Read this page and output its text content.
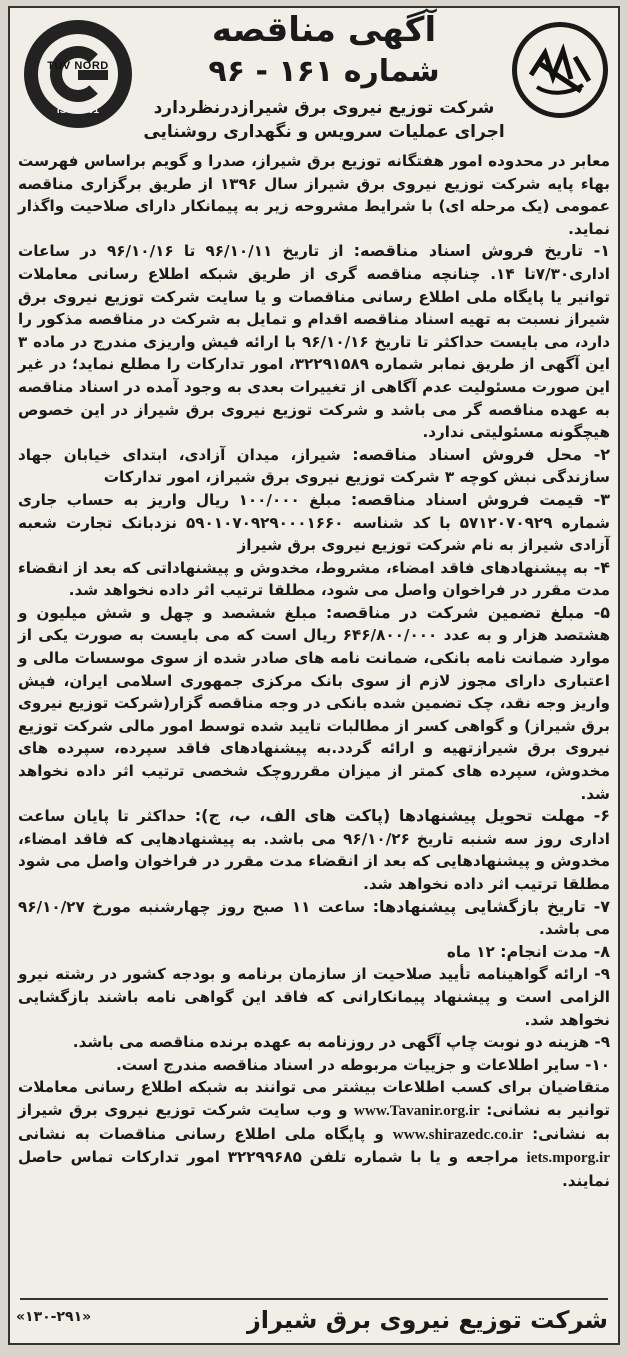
TÜV NORD
ISO 9001
آگهی مناقصه
شماره ۱۶۱ - ۹۶
شرکت توزیع نیروی برق شیرازدرنظردارد
اجرای عملیات سرویس و نگهداری روشنایی

معابر در محدوده امور هفتگانه توزیع برق شیراز، صدرا و گویم براساس فهرست بهاء پایه شرکت توزیع نیروی برق شیراز سال ۱۳۹۶ از طریق برگزاری مناقصه عمومی (یک مرحله ای) با شرایط مشروحه زیر به پیمانکار دارای صلاحیت واگذار نماید.

۱- تاریخ فروش اسناد مناقصه: از تاریخ ۹۶/۱۰/۱۱ تا ۹۶/۱۰/۱۶ در ساعات اداری۷/۳۰تا ۱۴. چنانچه مناقصه گری از طریق شبکه اطلاع رسانی معاملات توانیر یا پایگاه ملی اطلاع رسانی مناقصات و یا سایت شرکت توزیع نیروی برق شیراز نسبت به تهیه اسناد مناقصه اقدام و تمایل به شرکت در مناقصه مذکور را دارد، می بایست حداکثر تا تاریخ ۹۶/۱۰/۱۶ با ارائه فیش واریزی مندرج در ماده ۳ این آگهی از طریق نمابر شماره ۳۲۲۹۱۵۸۹، امور تدارکات را مطلع نماید؛ در غیر این صورت مسئولیت عدم آگاهی از تغییرات بعدی به وجود آمده در اسناد مناقصه به عهده مناقصه گر می باشد و شرکت توزیع نیروی برق شیراز در این خصوص هیچگونه مسئولیتی ندارد.

۲- محل فروش اسناد مناقصه: شیراز، میدان آزادی، ابتدای خیابان جهاد سازندگی نبش کوچه ۳ شرکت توزیع نیروی برق شیراز، امور تدارکات

۳- قیمت فروش اسناد مناقصه: مبلغ ۱۰۰/۰۰۰ ریال واریز به حساب جاری شماره ۵۷۱۲۰۷۰۹۲۹ با کد شناسه ۵۹۰۱۰۷۰۹۲۹۰۰۰۱۶۶۰ نزدبانک تجارت شعبه آزادی شیراز به نام شرکت توزیع نیروی برق شیراز

۴- به پیشنهادهای فاقد امضاء، مشروط، مخدوش و پیشنهاداتی که بعد از انقضاء مدت مقرر در فراخوان واصل می شود، مطلقا ترتیب اثر داده نخواهد شد.

۵- مبلغ تضمین شرکت در مناقصه: مبلغ ششصد و چهل و شش میلیون و هشتصد هزار و به عدد ۶۴۶/۸۰۰/۰۰۰ ریال است که می بایست به صورت یکی از موارد ضمانت نامه بانکی، ضمانت نامه های صادر شده از سوی موسسات مالی و اعتباری دارای مجوز لازم از سوی بانک مرکزی جمهوری اسلامی ایران، فیش واریز وجه نقد، چک تضمین شده بانکی در وجه مناقصه گزار(شرکت توزیع نیروی برق شیراز) و گواهی کسر از مطالبات تایید شده توسط امور مالی شرکت توزیع نیروی برق شیرازتهیه و ارائه گردد.به پیشنهادهای فاقد سپرده، سپرده های مخدوش، سپرده های کمتر از میزان مقرروچک شخصی ترتیب اثر داده نخواهد شد.

۶- مهلت تحویل پیشنهادها (پاکت های الف، ب، ج): حداکثر تا پایان ساعت اداری روز سه شنبه تاریخ ۹۶/۱۰/۲۶ می باشد. به پیشنهادهایی که فاقد امضاء، مخدوش و پیشنهادهایی که بعد از انقضاء مدت مقرر در فراخوان واصل می شود مطلقا ترتیب اثر داده نخواهد شد.

۷- تاریخ بازگشایی پیشنهادها: ساعت ۱۱ صبح روز چهارشنبه مورخ ۹۶/۱۰/۲۷ می باشد.

۸- مدت انجام: ۱۲ ماه

۹- ارائه گواهینامه تأیید صلاحیت از سازمان برنامه و بودجه کشور در رشته نیرو الزامی است و پیشنهاد پیمانکارانی که فاقد این گواهی نامه باشند بازگشایی نخواهد شد.

۹- هزینه دو نوبت چاپ آگهی در روزنامه به عهده برنده مناقصه می باشد.

۱۰- سایر اطلاعات و جزییات مربوطه در اسناد مناقصه مندرج است.

متقاضیان برای کسب اطلاعات بیشتر می توانند به شبکه اطلاع رسانی معاملات توانیر به نشانی: www.Tavanir.org.ir و وب سایت شرکت توزیع نیروی برق شیراز به نشانی: www.shirazedc.co.ir و پایگاه ملی اطلاع رسانی مناقصات به نشانی iets.mporg.ir مراجعه و یا با شماره تلفن ۳۲۲۹۹۶۸۵ امور تدارکات تماس حاصل نمایند.

شرکت توزیع نیروی برق شیراز
«۱۳۰-۲۹۱»
